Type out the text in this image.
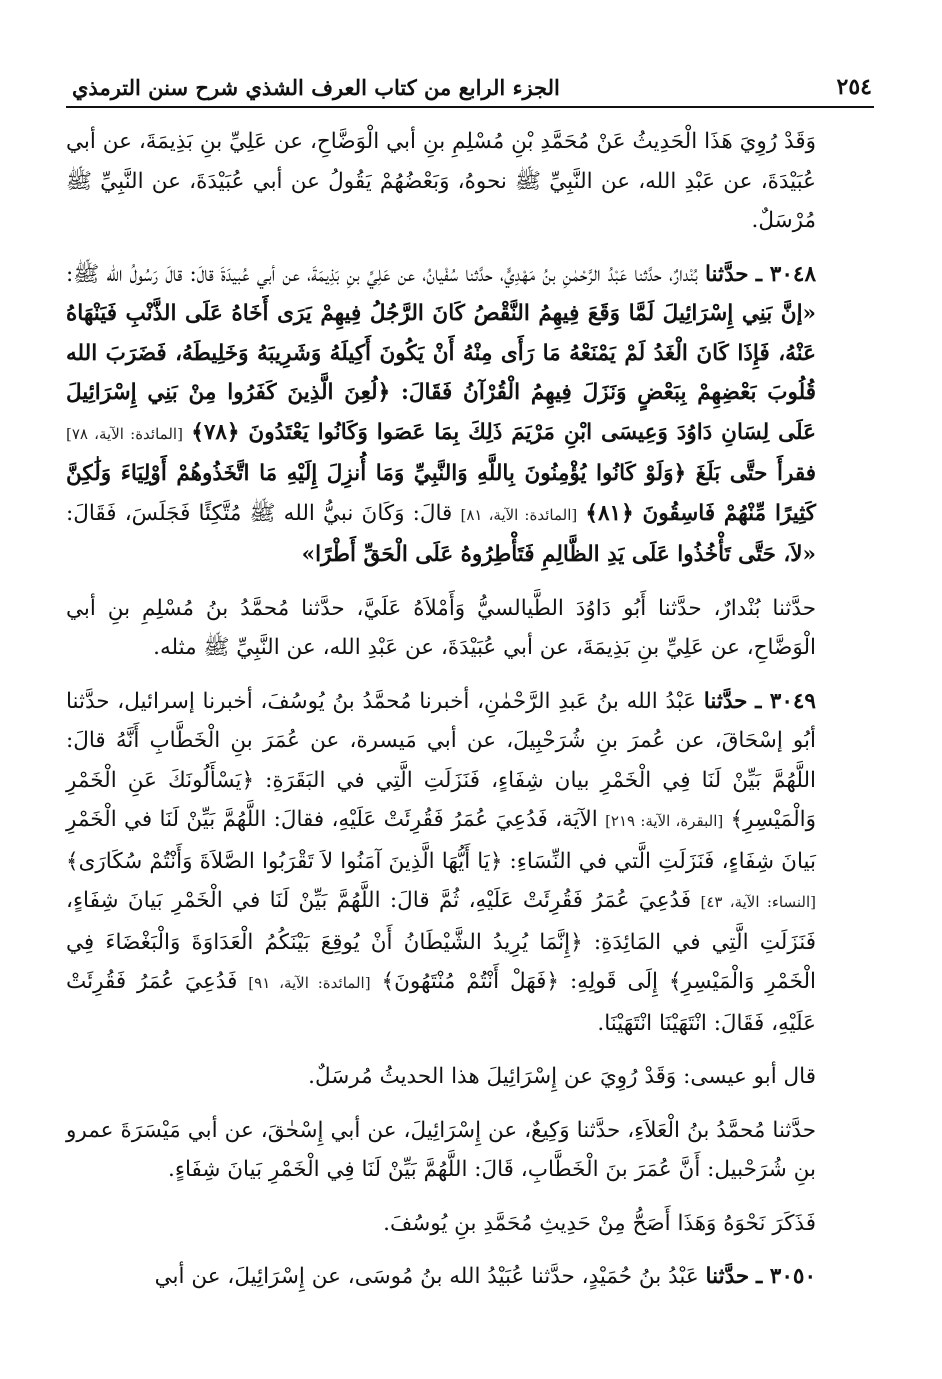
٢٥٤
الجزء الرابع من كتاب العرف الشذي شرح سنن الترمذي

وَقَدْ رُوِيَ هَذَا الْحَدِيثُ عَنْ مُحَمَّدِ بْنِ مُسْلِمِ بنِ أبي الْوَضَّاحِ، عن عَلِيِّ بنِ بَذِيمَةَ، عن أبي عُبَيْدَةَ، عن عَبْدِ الله، عن النَّبِيِّ ﷺ نحوهُ، وَبَعْضُهُمْ يَقُولُ عن أبي عُبَيْدَةَ، عن النَّبِيِّ ﷺ مُرْسَلٌ.

٣٠٤٨ ـ حدَّثنا بُنْدارٌ، حدَّثنا عَبْدُ الرَّحْمٰنِ بنُ مَهْدِيٍّ، حدَّثنا سُفْيانُ، عن عَلِيِّ بنِ بَذِيمَةَ، عن أبي عُبيدَةَ قالَ: قالَ رَسُولُ الله ﷺ: «إنَّ بَنِي إِسْرَائِيلَ لَمَّا وَقَعَ فِيهِمُ النَّقْصُ كَانَ الرَّجُلُ فِيهِمْ يَرَى أَخَاهُ عَلَى الذَّنْبِ فَيَنْهَاهُ عَنْهُ، فَإِذَا كَانَ الْغَدُ لَمْ يَمْنَعْهُ مَا رَأَى مِنْهُ أَنْ يَكُونَ أَكِيلَهُ وَشَرِيبَهُ وَخَلِيطَهُ، فَضَرَبَ الله قُلُوبَ بَعْضِهِمْ بِبَعْضٍ وَنَزَلَ فِيهِمُ الْقُرْآنُ فَقَالَ: ﴿لُعِنَ الَّذِينَ كَفَرُوا مِنْ بَنِي إِسْرَائِيلَ عَلَى لِسَانِ دَاوُدَ وَعِيسَى ابْنِ مَرْيَمَ ذَلِكَ بِمَا عَصَوا وَكَانُوا يَعْتَدُونَ ﴿٧٨﴾ [المائدة: الآية، ٧٨] فقرأَ حتَّى بَلَغَ ﴿وَلَوْ كَانُوا يُؤْمِنُونَ بِاللَّهِ وَالنَّبِيِّ وَمَا أُنزِلَ إِلَيْهِ مَا اتَّخَذُوهُمْ أَوْلِيَاءَ وَلَٰكِنَّ كَثِيرًا مِّنْهُمْ فَاسِقُونَ ﴿٨١﴾ [المائدة: الآية، ٨١] قالَ: وَكَانَ نبيُّ الله ﷺ مُتَّكِئًا فَجَلَسَ، فَقَالَ: «لاَ، حَتَّى تَأْخُذُوا عَلَى يَدِ الظَّالِمِ فَتَأْطِرُوهُ عَلَى الْحَقِّ أَطْرًا»

حدَّثنا بُنْدارٌ، حدَّثنا أَبُو دَاوُدَ الطَّيالسيُّ وَأَمْلاَهُ عَلَيَّ، حدَّثنا مُحمَّدُ بنُ مُسْلِمِ بنِ أبي الْوَضَّاحِ، عن عَلِيِّ بنِ بَذِيمَةَ، عن أبي عُبَيْدَةَ، عن عَبْدِ الله، عن النَّبِيِّ ﷺ مثله.

٣٠٤٩ ـ حدَّثنا عَبْدُ الله بنُ عَبدِ الرَّحْمٰنِ، أخبرنا مُحمَّدُ بنُ يُوسُفَ، أخبرنا إسرائيل، حدَّثنا أبُو إسْحَاقَ، عن عُمرَ بنِ شُرَحْبِيلَ، عن أبي مَيسرة، عن عُمَرَ بنِ الْخَطَّابِ أَنَّهُ قالَ: اللَّهُمَّ بَيِّنْ لَنَا فِي الْخَمْرِ بيان شِفَاءٍ، فَنَزَلَتِ الَّتِي في البَقَرَةِ: ﴿يَسْأَلُونَكَ عَنِ الْخَمْرِ وَالْمَيْسِرِ﴾ [البقرة، الآية: ٢١٩] الآيَة، فَدُعِيَ عُمَرُ فَقُرِئَتْ عَلَيْهِ، فقالَ: اللَّهُمَّ بَيِّنْ لَنَا في الْخَمْرِ بَيانَ شِفَاءٍ، فَنَزَلَتِ الَّتي في النِّسَاءِ: ﴿يَا أَيُّهَا الَّذِينَ آمَنُوا لاَ تَقْرَبُوا الصَّلاَةَ وَأَنْتُمْ سُكَارَى﴾ [النساء: الآية، ٤٣] فَدُعِيَ عُمَرُ فَقُرِئَتْ عَلَيْهِ، ثُمَّ قالَ: اللَّهُمَّ بَيِّنْ لَنَا في الْخَمْرِ بَيانَ شِفَاءٍ، فَنَزَلَتِ الَّتِي في المَائِدَةِ: ﴿إِنَّمَا يُرِيدُ الشَّيْطَانُ أَنْ يُوقِعَ بَيْنَكُمُ الْعَدَاوَةَ وَالْبَغْضَاءَ فِي الْخَمْرِ وَالْمَيْسِرِ﴾ إِلَى قَولِهِ: ﴿فَهَلْ أَنْتُمْ مُنْتَهُونَ﴾ [المائدة: الآية، ٩١] فَدُعِيَ عُمَرُ فَقُرِئَتْ عَلَيْهِ، فَقَالَ: انْتَهَيْنَا انْتَهَيْنَا.

قال أبو عيسى: وَقَدْ رُوِيَ عن إِسْرَائِيلَ هذا الحديثُ مُرسَلٌ.

حدَّثنا مُحمَّدُ بنُ الْعَلاَءِ، حدَّثنا وَكِيعٌ، عن إِسْرَائِيلَ، عن أبي إِسْحٰقَ، عن أبي مَيْسَرَةَ عمرو بنِ شُرَحْبيل: أَنَّ عُمَرَ بنَ الْخَطَّابِ، قَالَ: اللَّهُمَّ بَيِّنْ لَنَا فِي الْخَمْرِ بَيانَ شِفَاءٍ.

فَذَكَرَ نَحْوَهُ وَهَذَا أَصَحُّ مِنْ حَدِيثِ مُحَمَّدِ بنِ يُوسُفَ.

٣٠٥٠ ـ حدَّثنا عَبْدُ بنُ حُمَيْدٍ، حدَّثنا عُبَيْدُ الله بنُ مُوسَى، عن إِسْرَائِيلَ، عن أبي
